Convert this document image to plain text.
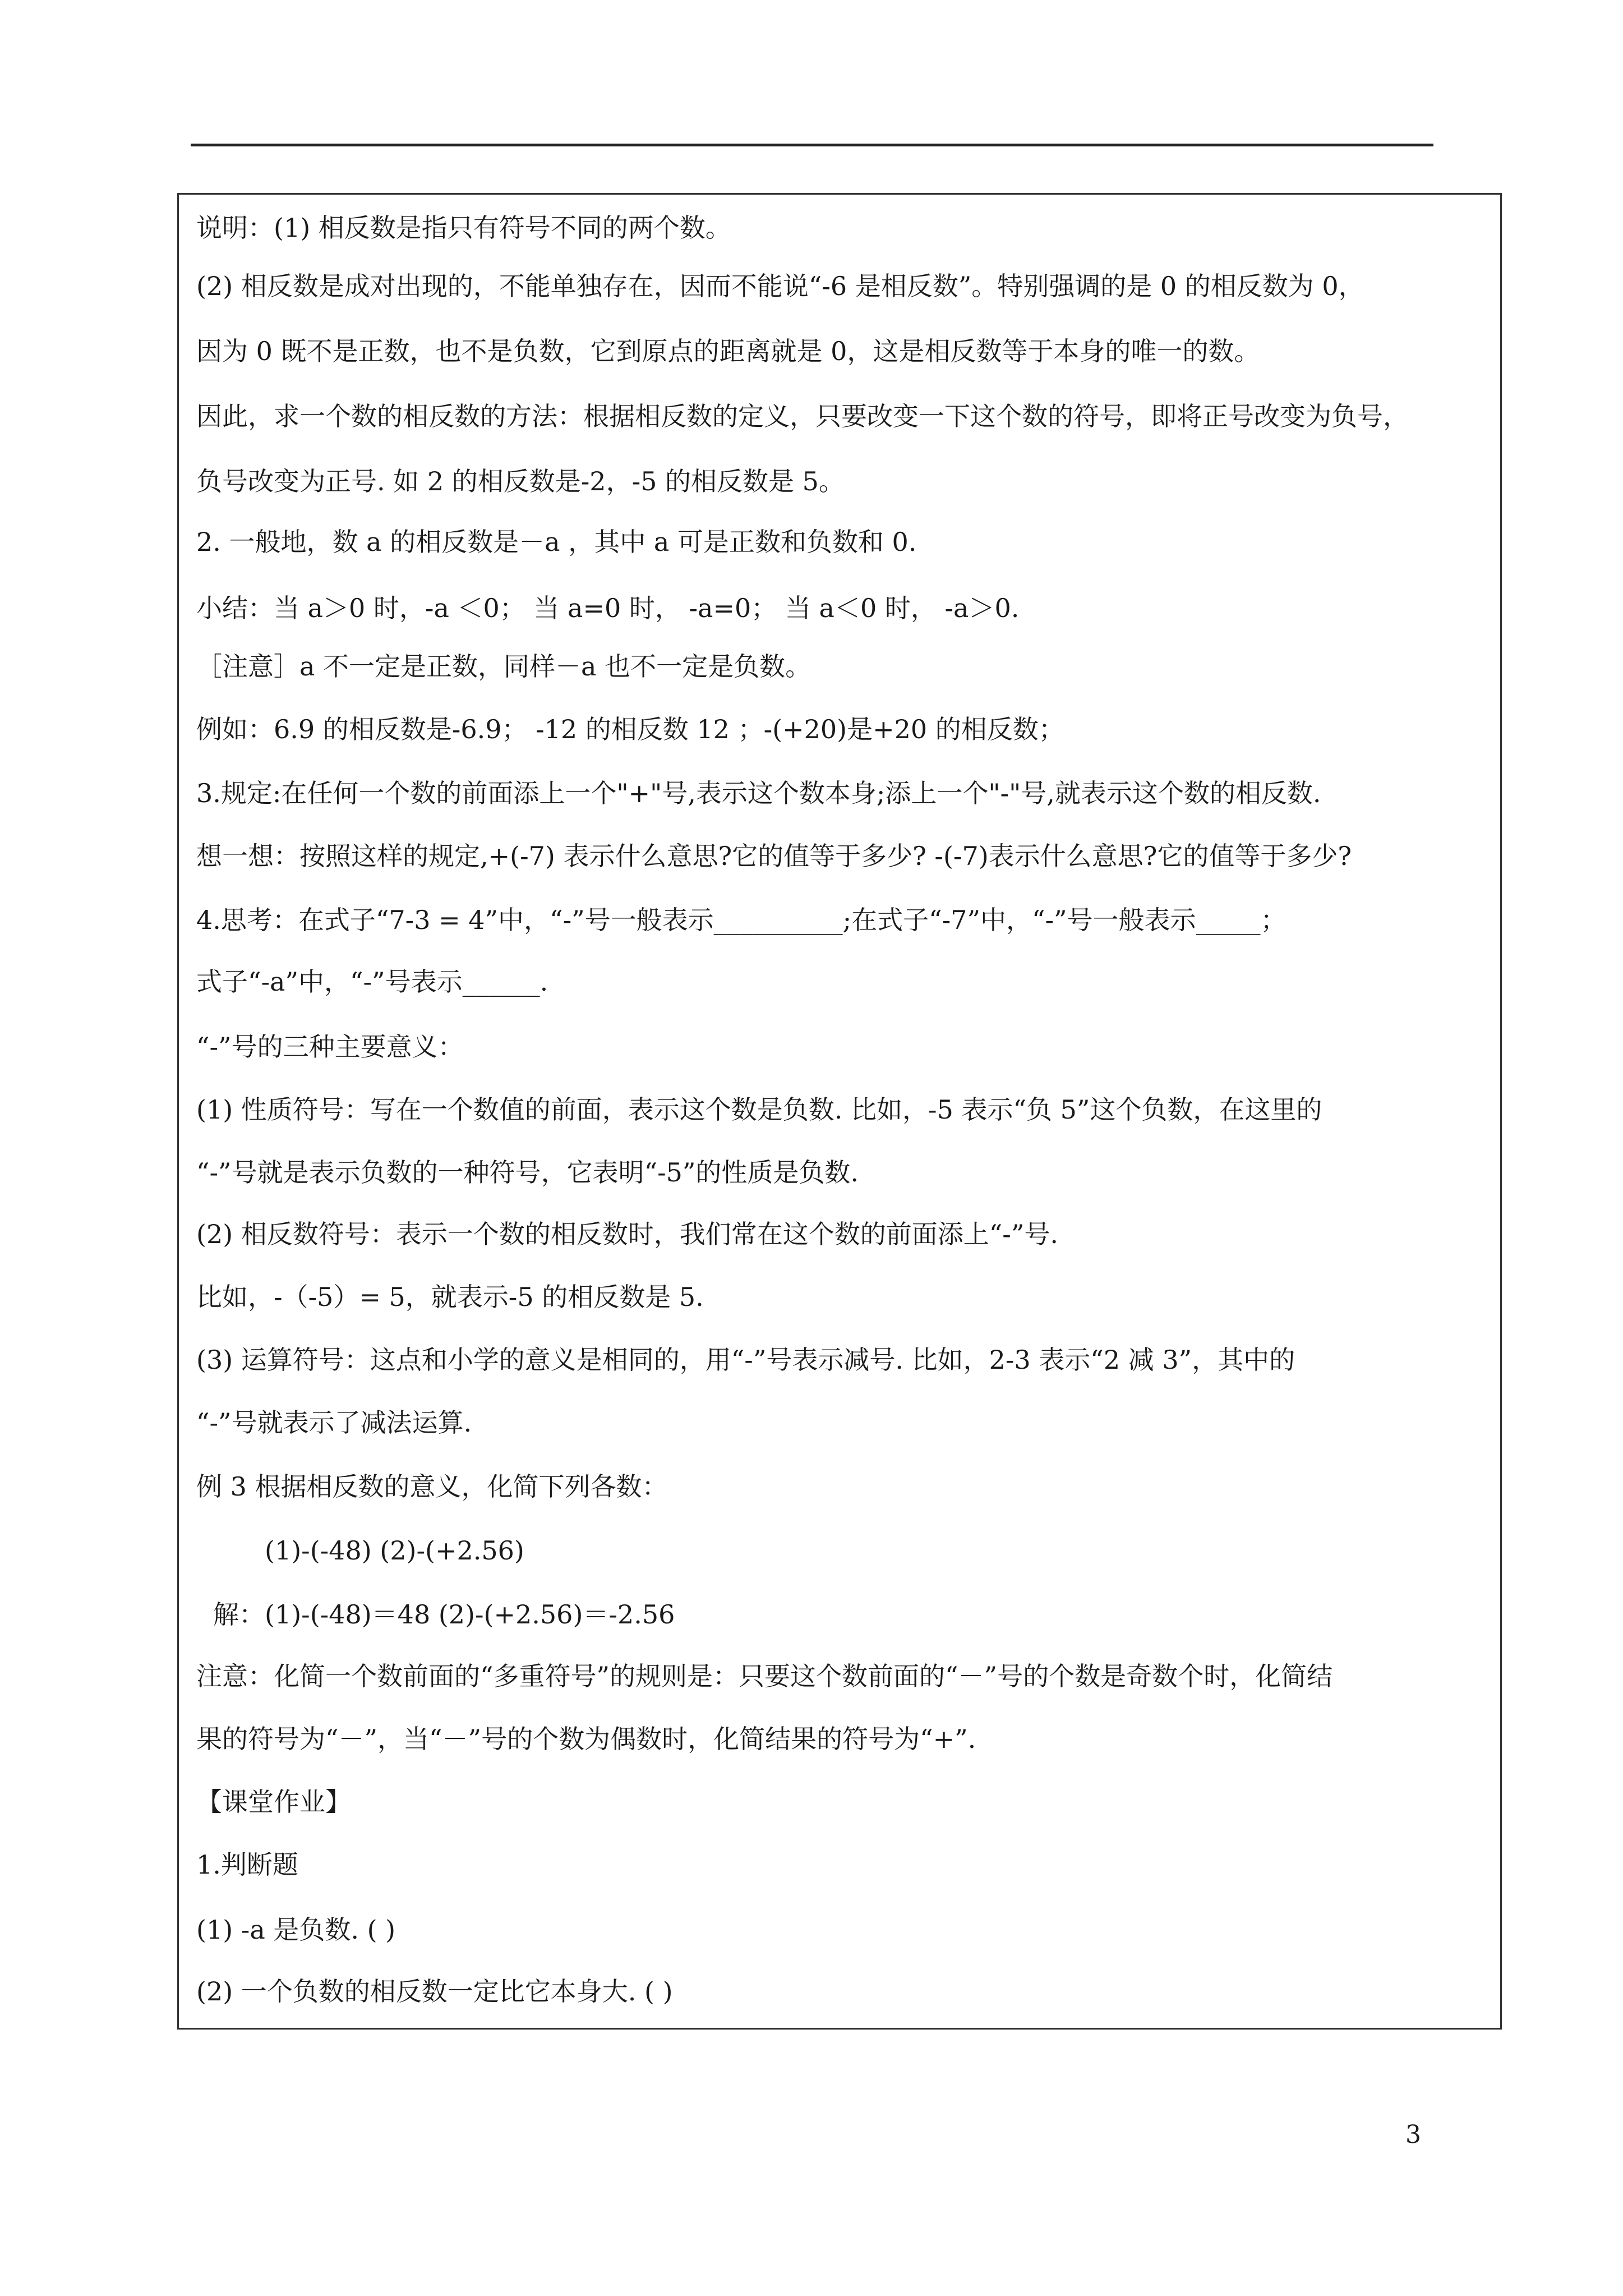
说明：(1) 相反数是指只有符号不同的两个数。
(2) 相反数是成对出现的，不能单独存在，因而不能说“-6 是相反数”。特别强调的是 0 的相反数为 0，
因为 0 既不是正数，也不是负数，它到原点的距离就是 0，这是相反数等于本身的唯一的数。
因此，求一个数的相反数的方法：根据相反数的定义，只要改变一下这个数的符号，即将正号改变为负号，
负号改变为正号. 如 2 的相反数是-2，-5 的相反数是 5。
2. 一般地，数 a 的相反数是－a ，其中 a 可是正数和负数和 0.
小结：当 a＞0 时，-a ＜0； 当 a=0 时， -a=0； 当 a＜0 时， -a＞0.
［注意］a 不一定是正数，同样－a 也不一定是负数。
例如：6.9 的相反数是-6.9； -12 的相反数 12 ；-(+20)是+20 的相反数；
3.规定:在任何一个数的前面添上一个"+"号,表示这个数本身;添上一个"-"号,就表示这个数的相反数.
想一想：按照这样的规定,+(-7) 表示什么意思?它的值等于多少? -(-7)表示什么意思?它的值等于多少?
4.思考：在式子“7-3 = 4”中，“-”号一般表示__________;在式子“-7”中，“-”号一般表示_____；
式子“-a”中，“-”号表示______.
“-”号的三种主要意义：
(1) 性质符号：写在一个数值的前面，表示这个数是负数. 比如，-5 表示“负 5”这个负数，在这里的
“-”号就是表示负数的一种符号，它表明“-5”的性质是负数.
(2) 相反数符号：表示一个数的相反数时，我们常在这个数的前面添上“-”号.
比如，-（-5）= 5，就表示-5 的相反数是 5.
(3) 运算符号：这点和小学的意义是相同的，用“-”号表示减号. 比如，2-3 表示“2 减 3”，其中的
“-”号就表示了减法运算.
例 3 根据相反数的意义，化简下列各数：
(1)-(-48) (2)-(+2.56)
解：(1)-(-48)＝48 (2)-(+2.56)＝-2.56
注意：化简一个数前面的“多重符号”的规则是：只要这个数前面的“－”号的个数是奇数个时，化简结
果的符号为“－”，当“－”号的个数为偶数时，化简结果的符号为“+”.
【课堂作业】
1.判断题
(1) -a 是负数. ( )
(2) 一个负数的相反数一定比它本身大. ( )
3
